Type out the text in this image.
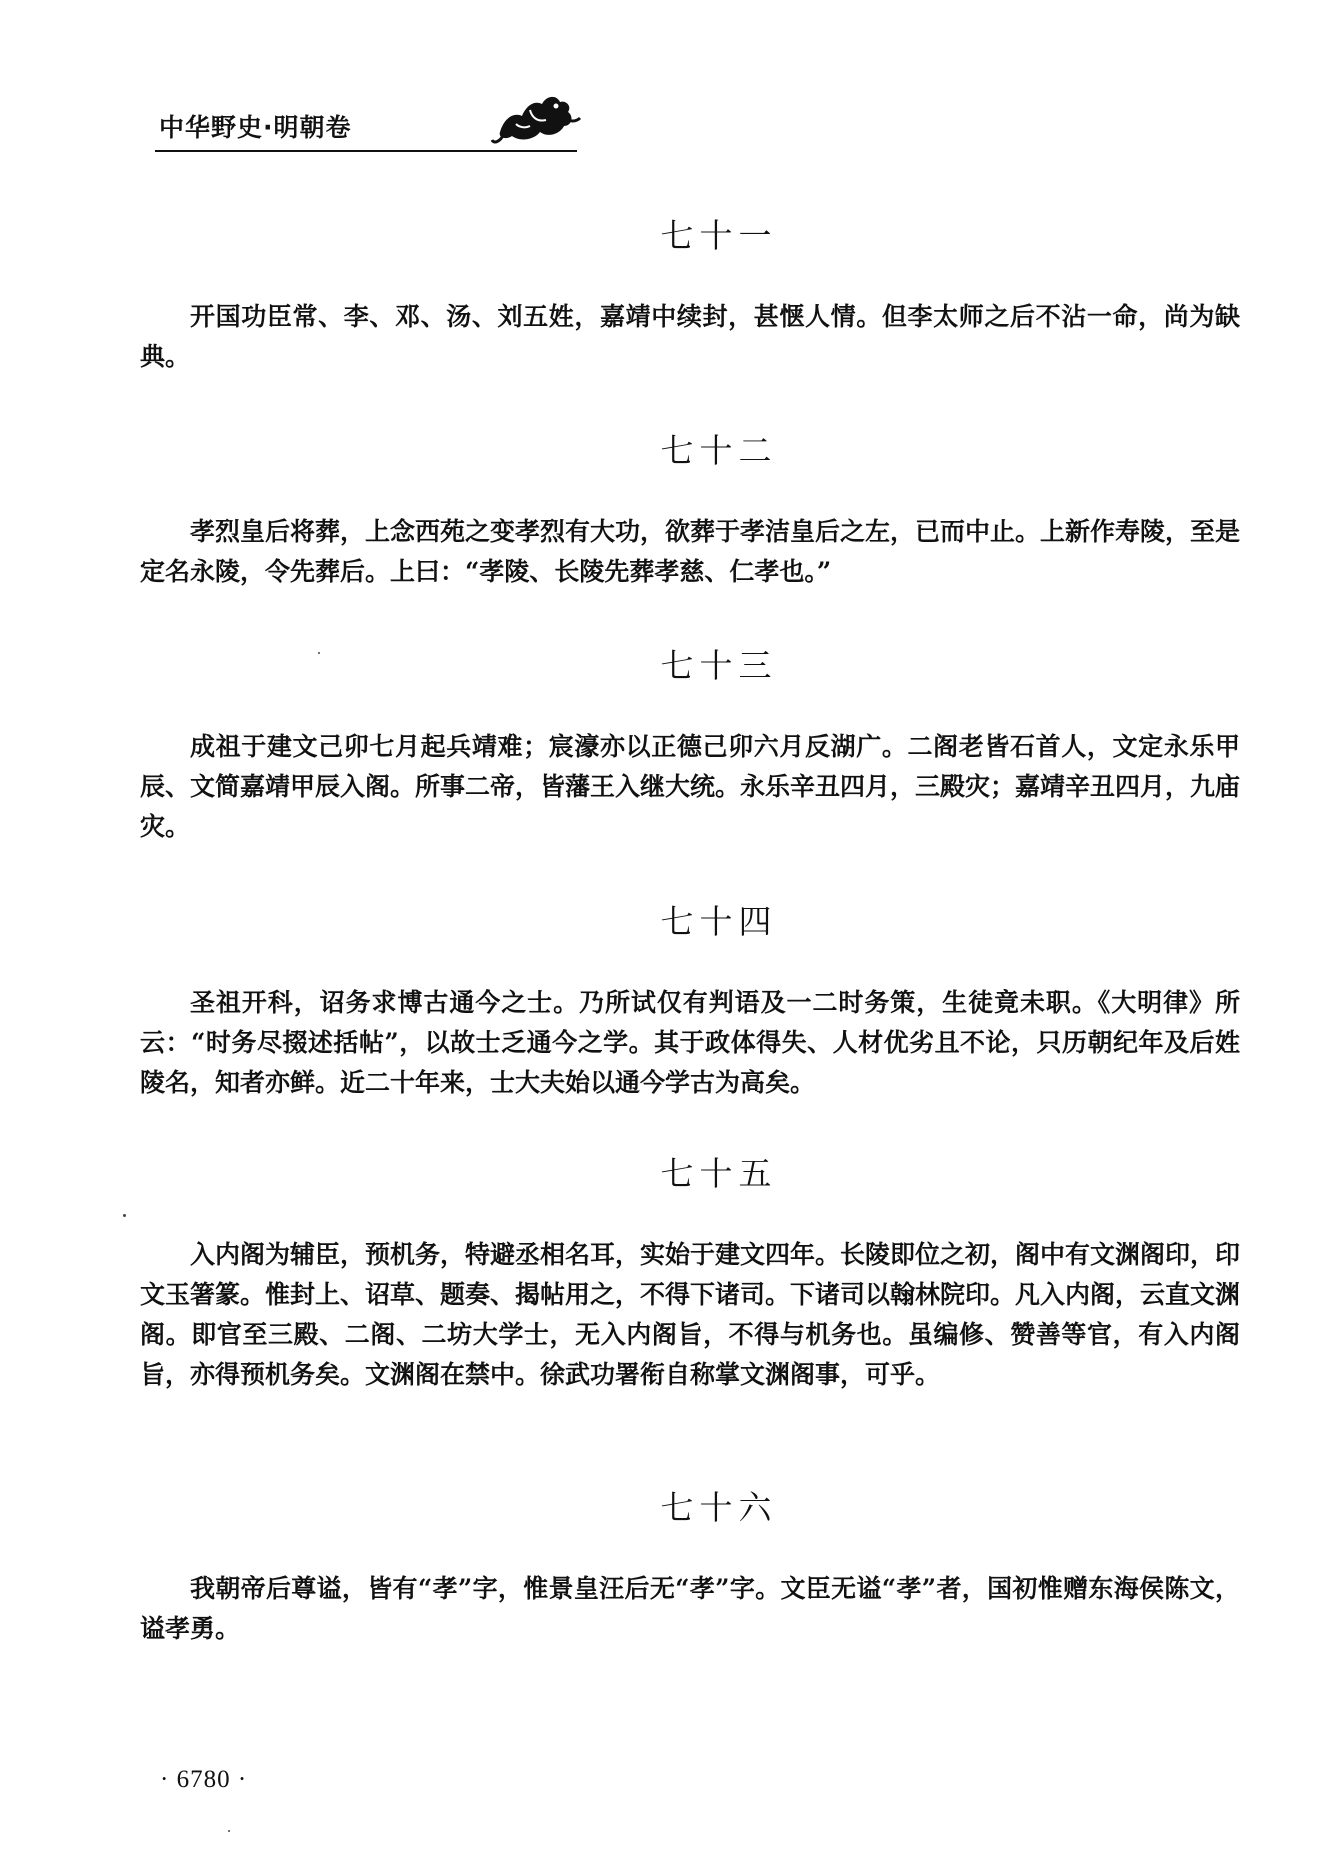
中华野史·明朝卷
七十一

开国功臣常、李、邓、汤、刘五姓，嘉靖中续封，甚惬人情。但李太师之后不沾一命，尚为缺典。

七十二

孝烈皇后将葬，上念西苑之变孝烈有大功，欲葬于孝洁皇后之左，已而中止。上新作寿陵，至是定名永陵，令先葬后。上曰：“孝陵、长陵先葬孝慈、仁孝也。”

七十三

成祖于建文己卯七月起兵靖难；宸濠亦以正德己卯六月反湖广。二阁老皆石首人，文定永乐甲辰、文简嘉靖甲辰入阁。所事二帝，皆藩王入继大统。永乐辛丑四月，三殿灾；嘉靖辛丑四月，九庙灾。

七十四

圣祖开科，诏务求博古通今之士。乃所试仅有判语及一二时务策，生徒竟未职。《大明律》所云：“时务尽掇述括帖”，以故士乏通今之学。其于政体得失、人材优劣且不论，只历朝纪年及后姓陵名，知者亦鲜。近二十年来，士大夫始以通今学古为高矣。

七十五

入内阁为辅臣，预机务，特避丞相名耳，实始于建文四年。长陵即位之初，阁中有文渊阁印，印文玉箸篆。惟封上、诏草、题奏、揭帖用之，不得下诸司。下诸司以翰林院印。凡入内阁，云直文渊阁。即官至三殿、二阁、二坊大学士，无入内阁旨，不得与机务也。虽编修、赞善等官，有入内阁旨，亦得预机务矣。文渊阁在禁中。徐武功署衔自称掌文渊阁事，可乎。

七十六

我朝帝后尊谥，皆有“孝”字，惟景皇汪后无“孝”字。文臣无谥“孝”者，国初惟赠东海侯陈文，谥孝勇。

· 6780 ·
